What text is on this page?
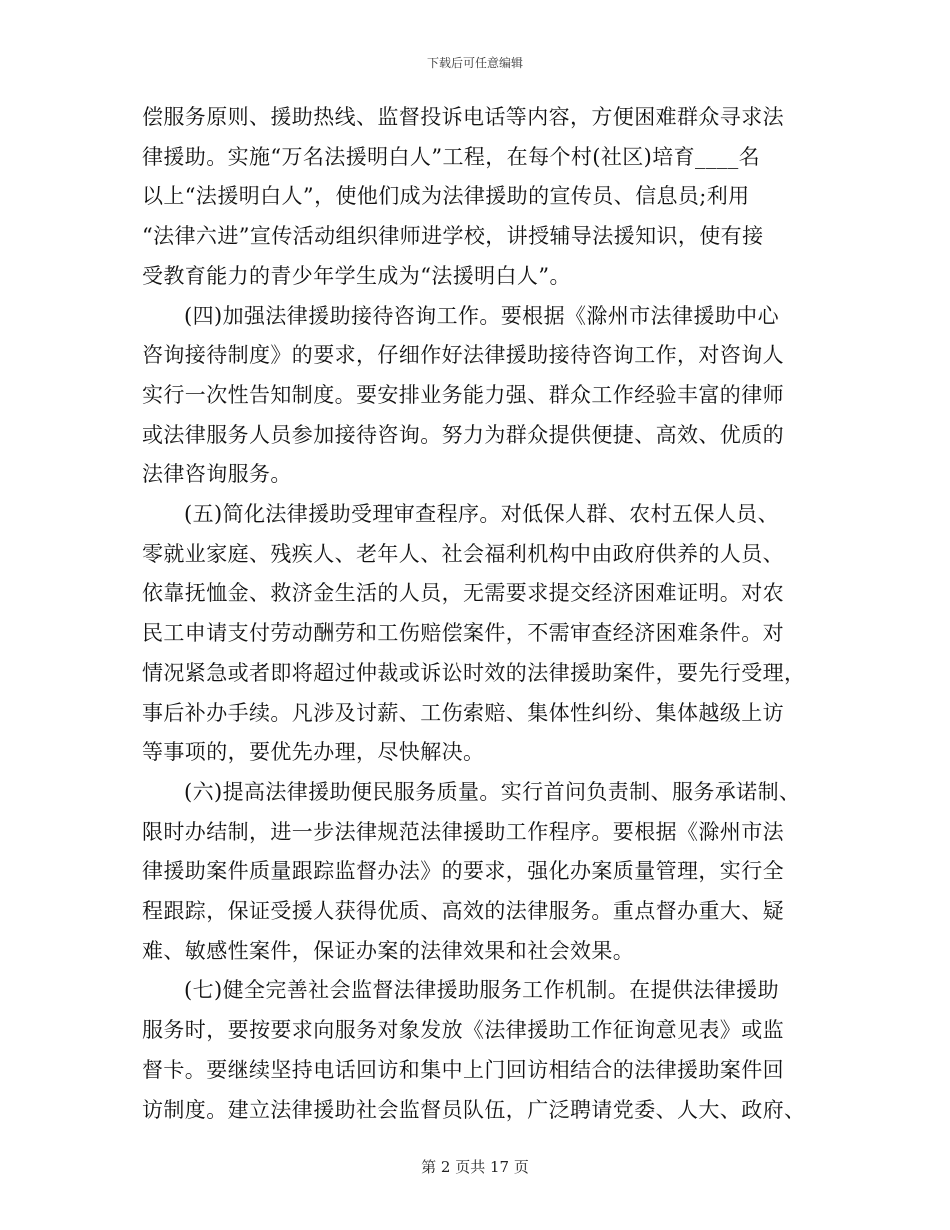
下载后可任意编辑
偿服务原则、援助热线、监督投诉电话等内容，方便困难群众寻求法
律援助。实施“万名法援明白人”工程，在每个村(社区)培育____名
以上“法援明白人”，使他们成为法律援助的宣传员、信息员;利用
“法律六进”宣传活动组织律师进学校，讲授辅导法援知识，使有接
受教育能力的青少年学生成为“法援明白人”。
(四)加强法律援助接待咨询工作。要根据《滁州市法律援助中心
咨询接待制度》的要求，仔细作好法律援助接待咨询工作，对咨询人
实行一次性告知制度。要安排业务能力强、群众工作经验丰富的律师
或法律服务人员参加接待咨询。努力为群众提供便捷、高效、优质的
法律咨询服务。
(五)简化法律援助受理审查程序。对低保人群、农村五保人员、
零就业家庭、残疾人、老年人、社会福利机构中由政府供养的人员、
依靠抚恤金、救济金生活的人员，无需要求提交经济困难证明。对农
民工申请支付劳动酬劳和工伤赔偿案件，不需审查经济困难条件。对
情况紧急或者即将超过仲裁或诉讼时效的法律援助案件，要先行受理，
事后补办手续。凡涉及讨薪、工伤索赔、集体性纠纷、集体越级上访
等事项的，要优先办理，尽快解决。
(六)提高法律援助便民服务质量。实行首问负责制、服务承诺制、
限时办结制，进一步法律规范法律援助工作程序。要根据《滁州市法
律援助案件质量跟踪监督办法》的要求，强化办案质量管理，实行全
程跟踪，保证受援人获得优质、高效的法律服务。重点督办重大、疑
难、敏感性案件，保证办案的法律效果和社会效果。
(七)健全完善社会监督法律援助服务工作机制。在提供法律援助
服务时，要按要求向服务对象发放《法律援助工作征询意见表》或监
督卡。要继续坚持电话回访和集中上门回访相结合的法律援助案件回
访制度。建立法律援助社会监督员队伍，广泛聘请党委、人大、政府、
第 2 页共 17 页
